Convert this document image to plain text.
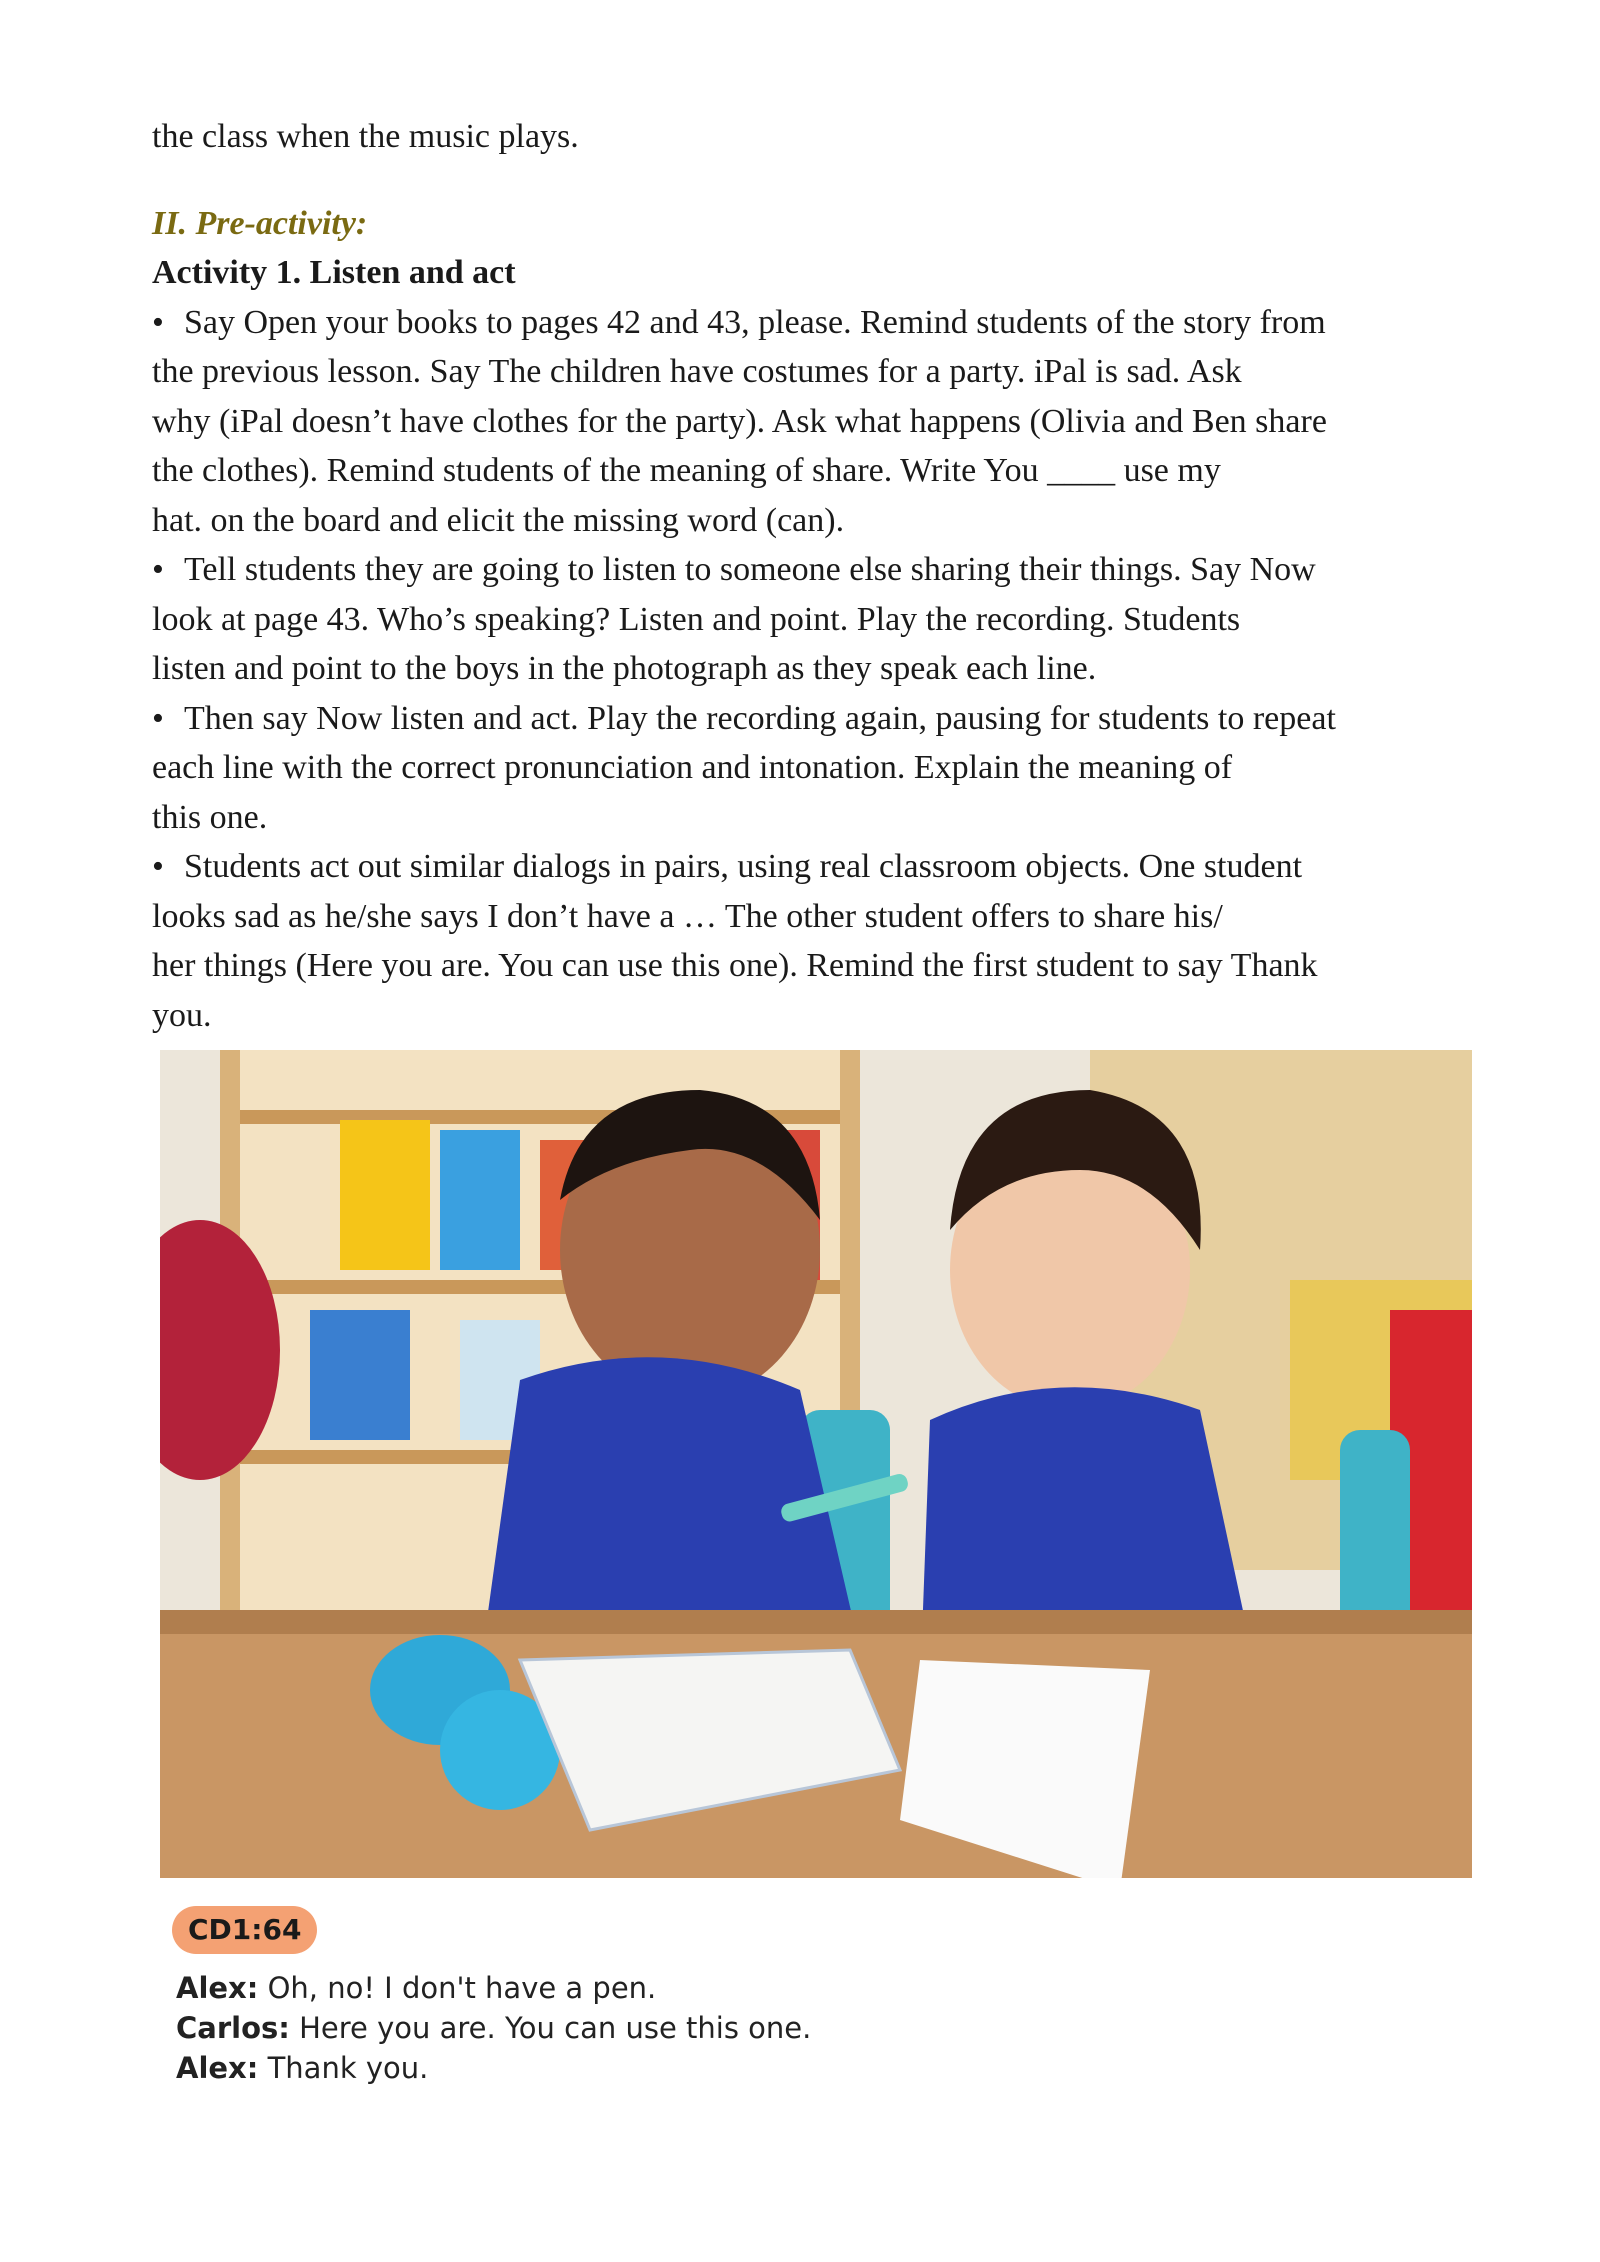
the class when the music plays.

II. Pre-activity:
Activity 1. Listen and act

• Say Open your books to pages 42 and 43, please. Remind students of the story from

the previous lesson. Say The children have costumes for a party. iPal is sad. Ask

why (iPal doesn’t have clothes for the party). Ask what happens (Olivia and Ben share

the clothes). Remind students of the meaning of share. Write You ____ use my

hat. on the board and elicit the missing word (can).

• Tell students they are going to listen to someone else sharing their things. Say Now

look at page 43. Who’s speaking? Listen and point. Play the recording. Students

listen and point to the boys in the photograph as they speak each line.

• Then say Now listen and act. Play the recording again, pausing for students to repeat

each line with the correct pronunciation and intonation. Explain the meaning of

this one.

• Students act out similar dialogs in pairs, using real classroom objects. One student

looks sad as he/she says I don’t have a … The other student offers to share his/

her things (Here you are. You can use this one). Remind the first student to say Thank

you.

CD1:64
Alex: Oh, no! I don't have a pen.
Carlos: Here you are. You can use this one.
Alex: Thank you.
